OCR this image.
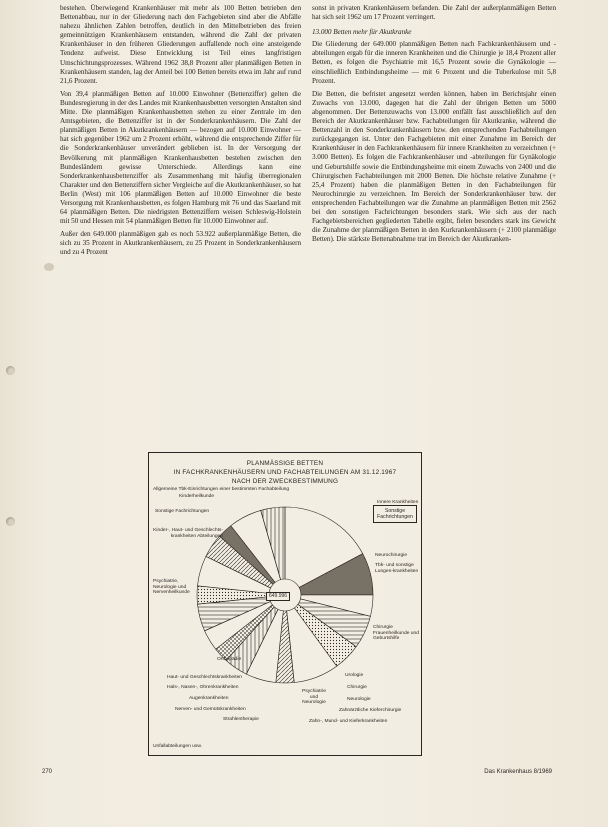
bestehen. Überwiegend Krankenhäuser mit mehr als 100 Betten betrieben den Bettenabbau, nur in der Gliederung nach den Fachgebieten sind aber die Abfälle nahezu ähnlichen Zahlen betroffen, deutlich in den Mittelbetrieben des freien gemeinnützigen Krankenhäusern entstanden, während die Zahl der privaten Krankenhäuser in den früheren Gliederungen auffallende noch eine ansteigende Tendenz aufweist. Diese Entwicklung ist Teil eines langfristigen Umschichtungsprozesses. Während 1962 38,8 Prozent aller planmäßigen Betten in Krankenhäusern standen, lag der Anteil bei 100 Betten bereits etwa im Jahr auf rund 21,6 Prozent.

Von 39,4 planmäßigen Betten auf 10.000 Einwohner (Bettenziffer) gelten die Bundesregierung in der des Landes mit Krankenhausbetten versorgten Anstalten sind Mitte. Die planmäßigen Krankenhausbetten stehen zu einer Zentrale im den Amtsgebieten, die Bettenziffer ist in der Sonderkrankenhäusern. Die Zahl der planmäßigen Betten in Akutkrankenhäusern — bezogen auf 10.000 Einwohner — hat sich gegenüber 1962 um 2 Prozent erhöht, während die entsprechende Ziffer für die Sonderkrankenhäuser unverändert geblieben ist. In der Versorgung der Bevölkerung mit planmäßigen Krankenhausbetten bestehen zwischen den Bundesländern gewisse Unterschiede. Allerdings kann eine Sonderkrankenhausbettenziffer als Zusammenhang mit häufig überregionalen Charakter und den Bettenziffern sicher Vergleiche auf die Akutkrankenhäuser, so hat Berlin (West) mit 106 planmäßigen Betten auf 10.000 Einwohner die beste Versorgung mit Krankenhausbetten, es folgen Hamburg mit 76 und das Saarland mit 64 planmäßigen Betten. Die niedrigsten Bettenziffern weisen Schleswig-Holstein mit 50 und Hessen mit 54 planmäßigen Betten für 10.000 Einwohner auf.

Außer den 649.000 planmäßigen gab es noch 53.922 außerplanmäßige Betten, die sich zu 35 Prozent in Akutkrankenhäusern, zu 25 Prozent in Sonderkrankenhäusern und zu 4 Prozent

sonst in privaten Krankenhäusern befanden. Die Zahl der außerplanmäßigen Betten hat sich seit 1962 um 17 Prozent verringert.

13.000 Betten mehr für Akutkranke

Die Gliederung der 649.000 planmäßigen Betten nach Fachkrankenhäusern und -abteilungen ergab für die inneren Krankheiten und die Chirurgie je 18,4 Prozent aller Betten, es folgen die Psychiatrie mit 16,5 Prozent sowie die Gynäkologie — einschließlich Entbindungsheime — mit 6 Prozent und die Tuberkulose mit 5,8 Prozent.

Die Betten, die befristet angesetzt werden können, haben im Berichtsjahr einen Zuwachs von 13.000, dagegen hat die Zahl der übrigen Betten um 5000 abgenommen. Der Bettenzuwachs von 13.000 entfällt fast ausschließlich auf den Bereich der Akutkrankenhäuser bzw. Fachabteilungen für Akutkranke, während die Bettenzahl in den Sonderkrankenhäusern bzw. den entsprechenden Fachabteilungen zurückgegangen ist. Unter den Fachgebieten mit einer Zunahme im Bereich der Krankenhäuser in den Fachkrankenhäusern für innere Krankheiten zu verzeichnen (+ 3.000 Betten). Es folgen die Fachkrankenhäuser und -abteilungen für Gynäkologie und Geburtshilfe sowie die Entbindungsheime mit einem Zuwachs von 2400 und die Chirurgischen Fachabteilungen mit 2000 Betten. Die höchste relative Zunahme (+ 25,4 Prozent) haben die planmäßigen Betten in den Fachabteilungen für Neurochirurgie zu verzeichnen. Im Bereich der Sonderkrankenhäuser bzw. der entsprechenden Fachabteilungen war die Zunahme an planmäßigen Betten mit 2562 bei den sonstigen Fachrichtungen besonders stark. Wie sich aus der nach Fachgebietsbereichen gegliederten Tabelle ergibt, fielen besonders stark ins Gewicht die Zunahme der planmäßigen Betten in den Kurkrankenhäusern (+ 2100 planmäßige Betten). Die stärkste Bettenabnahme trat im Bereich der Akutkranken-

PLANMÄSSIGE BETTEN
IN FACHKRANKENHÄUSERN UND FACHABTEILUNGEN AM 31.12.1967
NACH DER ZWECKBESTIMMUNG
649.996
Sonstige Fachrichtungen
Allgemeine Tbk-Einrichtungen einer bestimmten Fachabteilung
Kinderheilkunde
Innere Krankheiten
Sonstige Fachrichtungen
Kinder-, Haut- und Geschlechts-krankheiten Abteilungen
Psychiatrie, Neurologie und Nervenheilkunde
Neurochirurgie
Tbk- und sonstige Lungen-krankheiten
Chirurgie Frauenheilkunde und Geburtshilfe
Orthopädie
Haut- und Geschlechtskrankheiten
Hals-, Nasen-, Ohrenkrankheiten
Augenkrankheiten
Nerven- und Gemütskrankheiten
Strahlentherapie	Zahn-, Mund- und Kieferkrankheiten
Urologie
Chirurgie
Neurologie
Psychiatrie und Neurologie
Zahnärztliche Kieferchirurgie
Unfallabteilungen usw.
270	Das Krankenhaus 8/1969
